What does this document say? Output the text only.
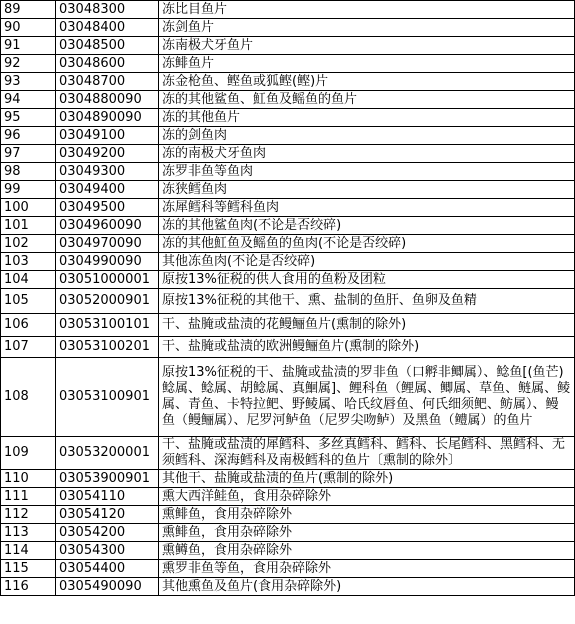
89	03048300	冻比目鱼片
90	03048400	冻剑鱼片
91	03048500	冻南极犬牙鱼片
92	03048600	冻鲱鱼片
93	03048700	冻金枪鱼、鲣鱼或狐鲣(鲣)片
94	0304880090	冻的其他鲨鱼、魟鱼及鳐鱼的鱼片
95	0304890090	冻的其他鱼片
96	03049100	冻的剑鱼肉
97	03049200	冻的南极犬牙鱼肉
98	03049300	冻罗非鱼等鱼肉
99	03049400	冻狭鳕鱼肉
100	03049500	冻犀鳕科等鳕科鱼肉
101	0304960090	冻的其他鲨鱼肉(不论是否绞碎)
102	0304970090	冻的其他魟鱼及鳐鱼的鱼肉(不论是否绞碎)
103	0304990090	其他冻鱼肉(不论是否绞碎)
104	03051000001	原按13%征税的供人食用的鱼粉及团粒
105	03052000901	原按13%征税的其他干、熏、盐制的鱼肝、鱼卵及鱼精
106	03053100101	干、盐腌或盐渍的花鳗鲡鱼片(熏制的除外)
107	03053100201	干、盐腌或盐渍的欧洲鳗鲡鱼片(熏制的除外)
108	03053100901	原按13%征税的干、盐腌或盐渍的罗非鱼（口孵非鲫属）、鲶鱼[(鱼芒)鲶属、鲶属、胡鲶属、真鮰属]、鲤科鱼（鲤属、鲫属、草鱼、鲢属、鲮属、青鱼、卡特拉鲃、野鲮属、哈氏纹唇鱼、何氏细须鲃、鲂属）、鳗鱼（鳗鲡属）、尼罗河鲈鱼（尼罗尖吻鲈）及黑鱼（鳢属）的鱼片
109	03053200001	干、盐腌或盐渍的犀鳕科、多丝真鳕科、鳕科、长尾鳕科、黑鳕科、无须鳕科、深海鳕科及南极鳕科的鱼片〔熏制的除外〕
110	03053900901	其他干、盐腌或盐渍的鱼片(熏制的除外)
111	03054110	熏大西洋鲑鱼，食用杂碎除外
112	03054120	熏鲱鱼，食用杂碎除外
113	03054200	熏鲱鱼，食用杂碎除外
114	03054300	熏鳟鱼，食用杂碎除外
115	03054400	熏罗非鱼等鱼，食用杂碎除外
116	0305490090	其他熏鱼及鱼片(食用杂碎除外)
